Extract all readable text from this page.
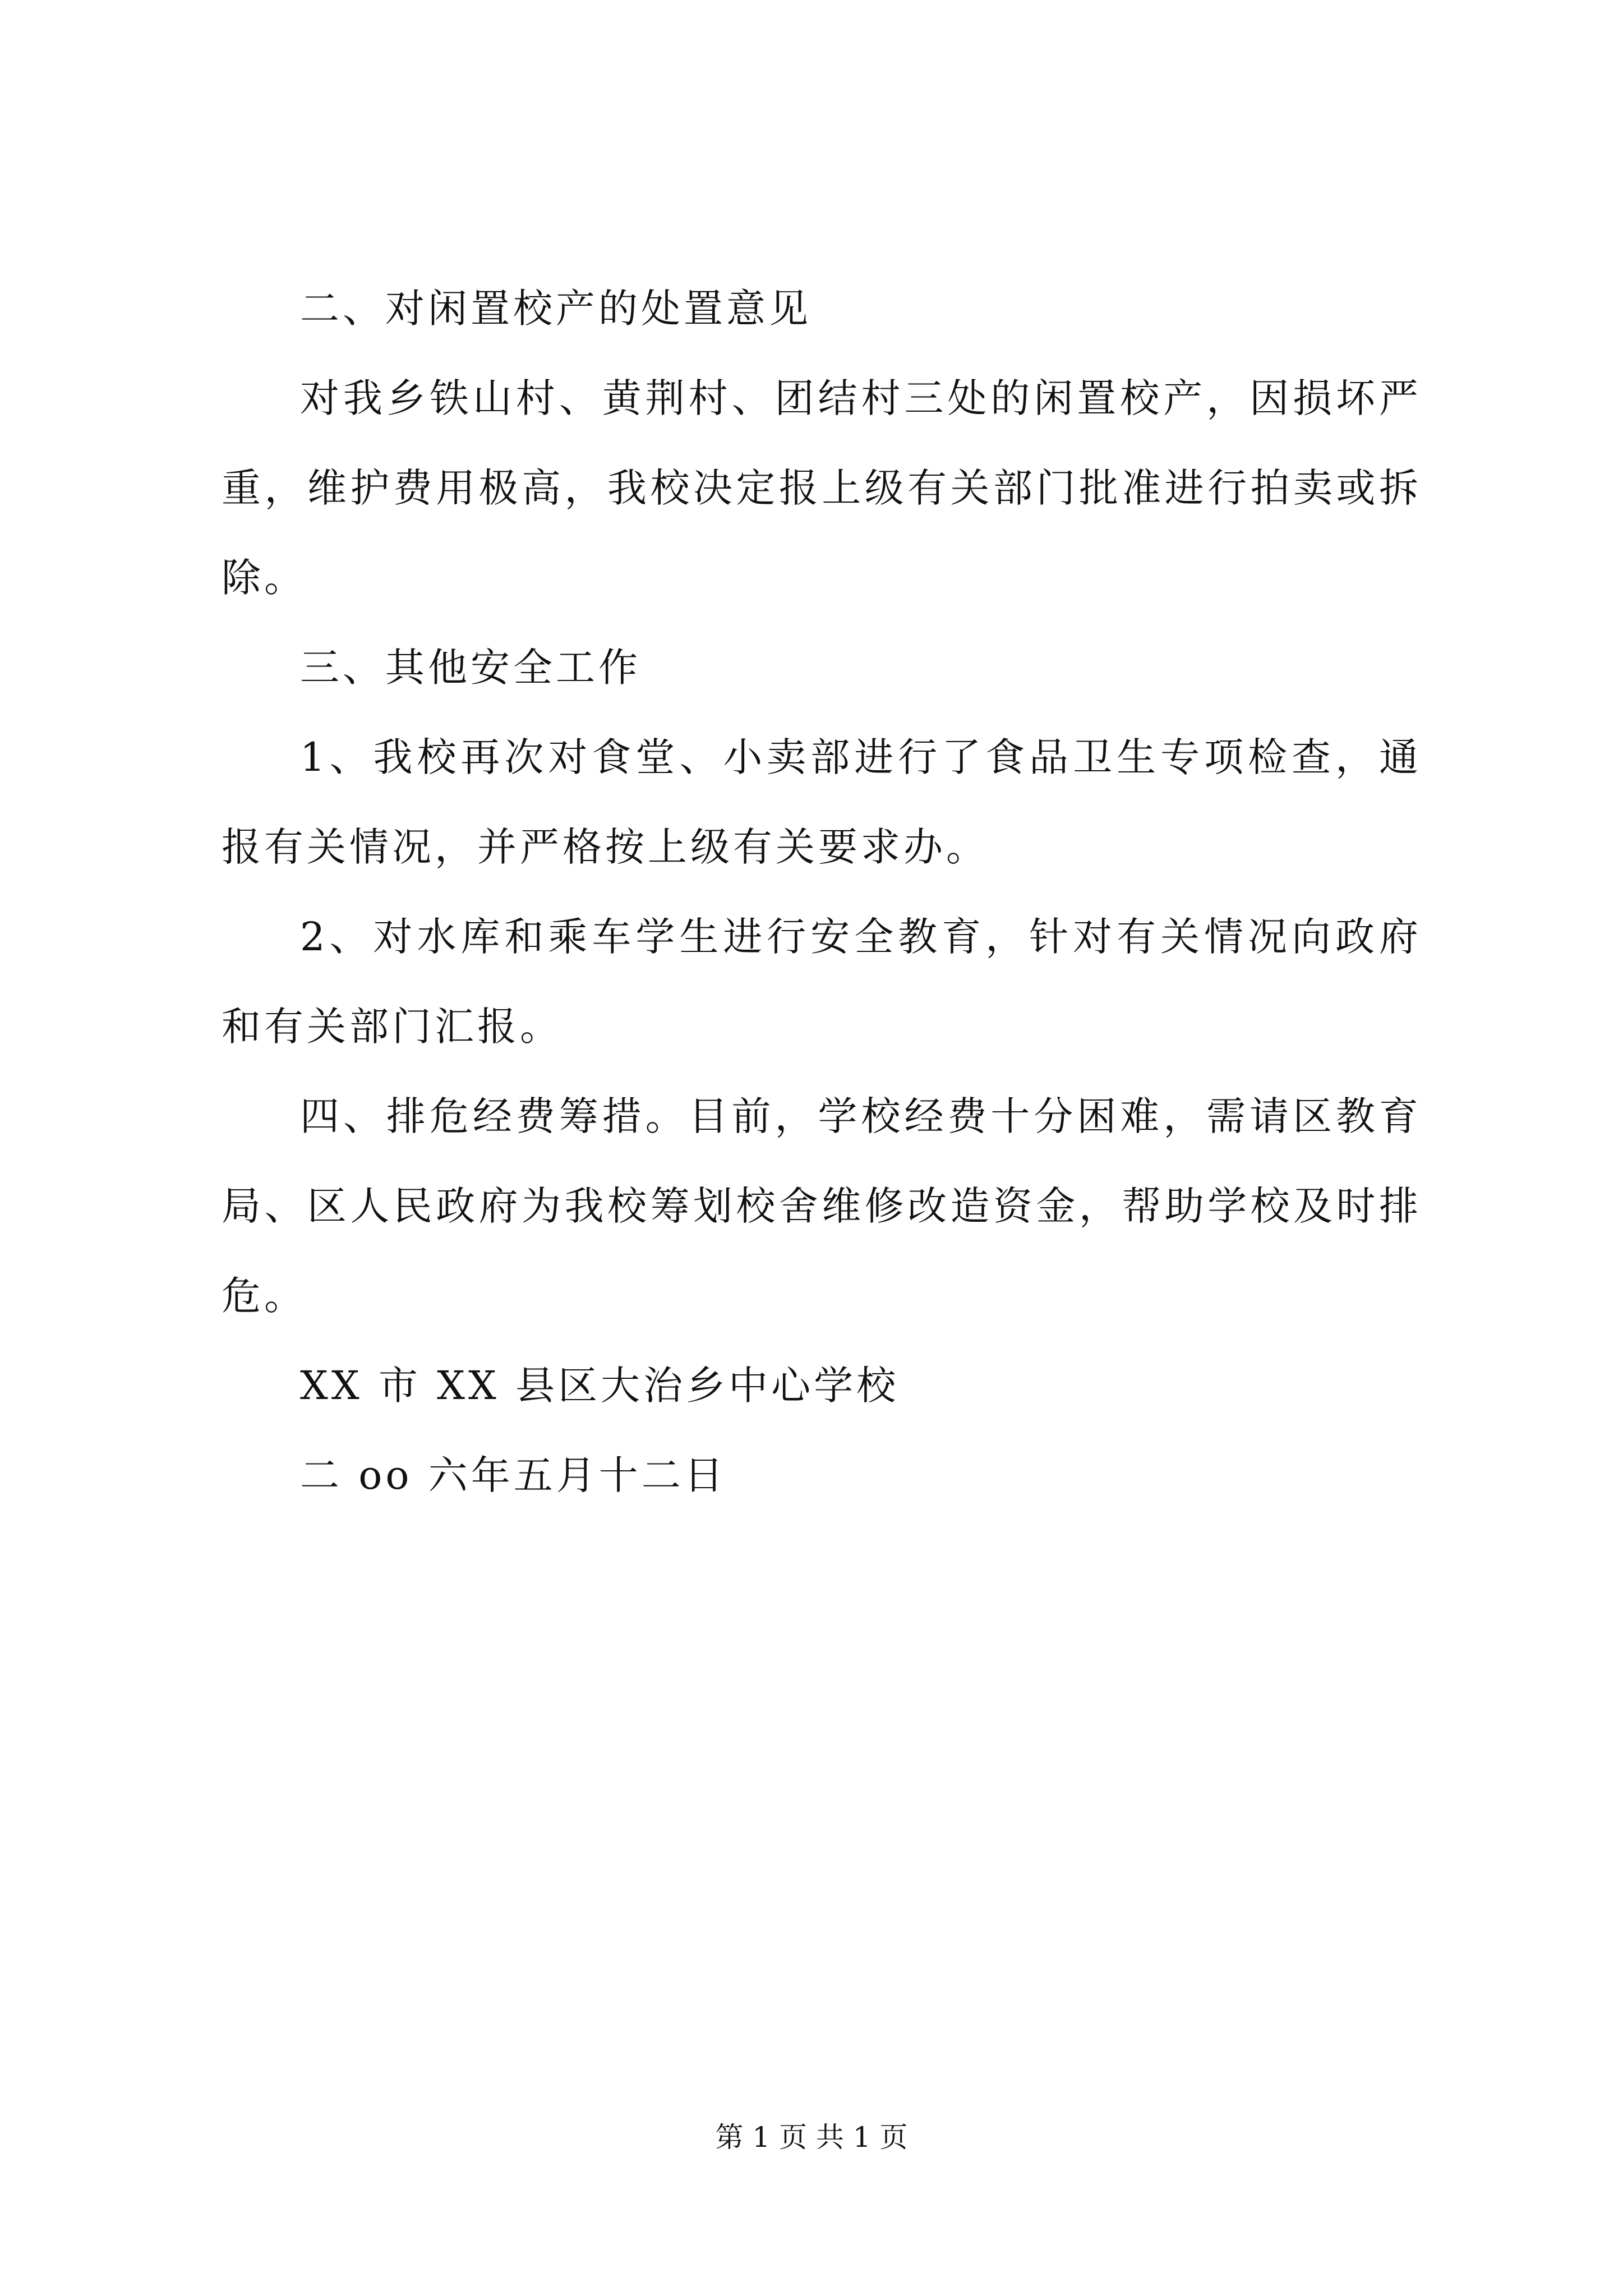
二、对闲置校产的处置意见
对我乡铁山村、黄荆村、团结村三处的闲置校产，因损坏严
重，维护费用极高，我校决定报上级有关部门批准进行拍卖或拆
除。
三、其他安全工作
1、我校再次对食堂、小卖部进行了食品卫生专项检查，通
报有关情况，并严格按上级有关要求办。
2、对水库和乘车学生进行安全教育，针对有关情况向政府
和有关部门汇报。
四、排危经费筹措。目前，学校经费十分困难，需请区教育
局、区人民政府为我校筹划校舍维修改造资金，帮助学校及时排
危。
XX 市 XX 县区大治乡中心学校
二 oo 六年五月十二日
第 1 页 共 1 页
